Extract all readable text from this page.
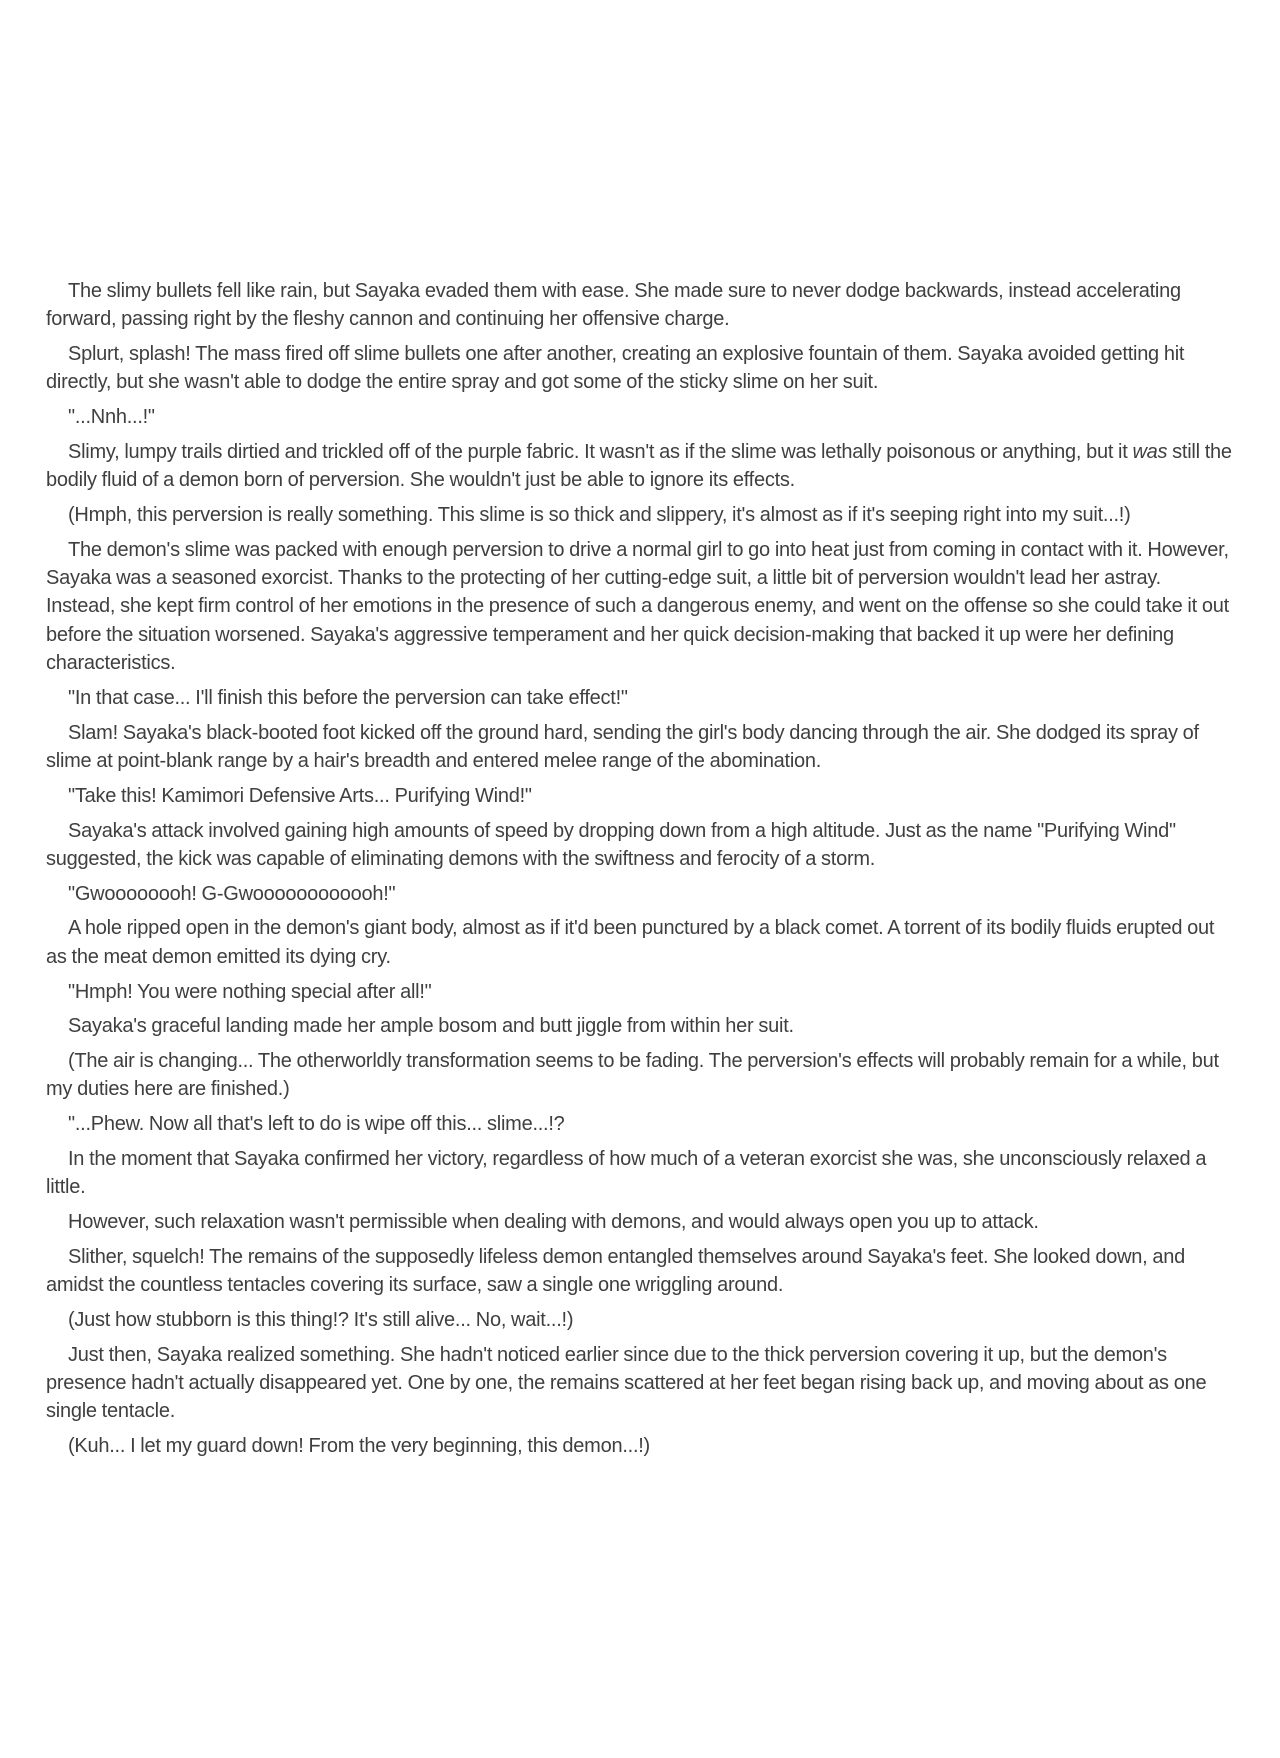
The slimy bullets fell like rain, but Sayaka evaded them with ease. She made sure to never dodge backwards, instead accelerating forward, passing right by the fleshy cannon and continuing her offensive charge.

Splurt, splash! The mass fired off slime bullets one after another, creating an explosive fountain of them. Sayaka avoided getting hit directly, but she wasn't able to dodge the entire spray and got some of the sticky slime on her suit.

"...Nnh...!"

Slimy, lumpy trails dirtied and trickled off of the purple fabric. It wasn't as if the slime was lethally poisonous or anything, but it was still the bodily fluid of a demon born of perversion. She wouldn't just be able to ignore its effects.

(Hmph, this perversion is really something. This slime is so thick and slippery, it's almost as if it's seeping right into my suit...!)

The demon's slime was packed with enough perversion to drive a normal girl to go into heat just from coming in contact with it. However, Sayaka was a seasoned exorcist. Thanks to the protecting of her cutting-edge suit, a little bit of perversion wouldn't lead her astray. Instead, she kept firm control of her emotions in the presence of such a dangerous enemy, and went on the offense so she could take it out before the situation worsened. Sayaka's aggressive temperament and her quick decision-making that backed it up were her defining characteristics.

"In that case... I'll finish this before the perversion can take effect!"

Slam! Sayaka's black-booted foot kicked off the ground hard, sending the girl's body dancing through the air. She dodged its spray of slime at point-blank range by a hair's breadth and entered melee range of the abomination.

"Take this! Kamimori Defensive Arts... Purifying Wind!"

Sayaka's attack involved gaining high amounts of speed by dropping down from a high altitude. Just as the name "Purifying Wind" suggested, the kick was capable of eliminating demons with the swiftness and ferocity of a storm.

"Gwoooooooh! G-Gwoooooooooooh!"

A hole ripped open in the demon's giant body, almost as if it'd been punctured by a black comet. A torrent of its bodily fluids erupted out as the meat demon emitted its dying cry.

"Hmph! You were nothing special after all!"

Sayaka's graceful landing made her ample bosom and butt jiggle from within her suit.

(The air is changing... The otherworldly transformation seems to be fading. The perversion's effects will probably remain for a while, but my duties here are finished.)

"...Phew. Now all that's left to do is wipe off this... slime...!?

In the moment that Sayaka confirmed her victory, regardless of how much of a veteran exorcist she was, she unconsciously relaxed a little.

However, such relaxation wasn't permissible when dealing with demons, and would always open you up to attack.

Slither, squelch! The remains of the supposedly lifeless demon entangled themselves around Sayaka's feet. She looked down, and amidst the countless tentacles covering its surface, saw a single one wriggling around.

(Just how stubborn is this thing!? It's still alive... No, wait...!)

Just then, Sayaka realized something. She hadn't noticed earlier since due to the thick perversion covering it up, but the demon's presence hadn't actually disappeared yet. One by one, the remains scattered at her feet began rising back up, and moving about as one single tentacle.

(Kuh... I let my guard down! From the very beginning, this demon...!)
